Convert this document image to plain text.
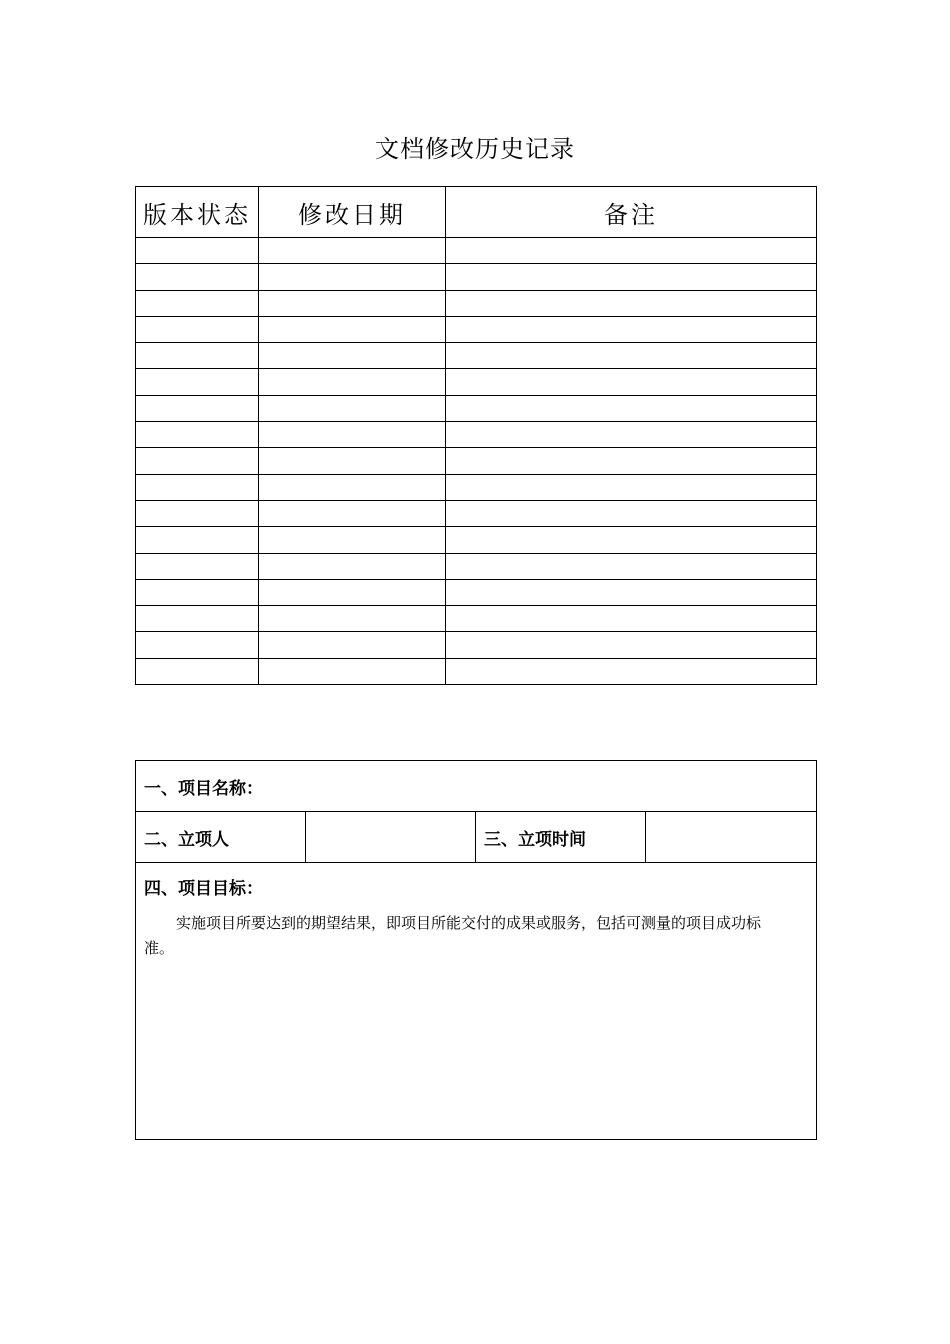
文档修改历史记录
版本状态	修改日期	备注

一、项目名称：
二、立项人		三、立项时间	

四、项目目标：
实施项目所要达到的期望结果，即项目所能交付的成果或服务，包括可测量的项目成功标准。
